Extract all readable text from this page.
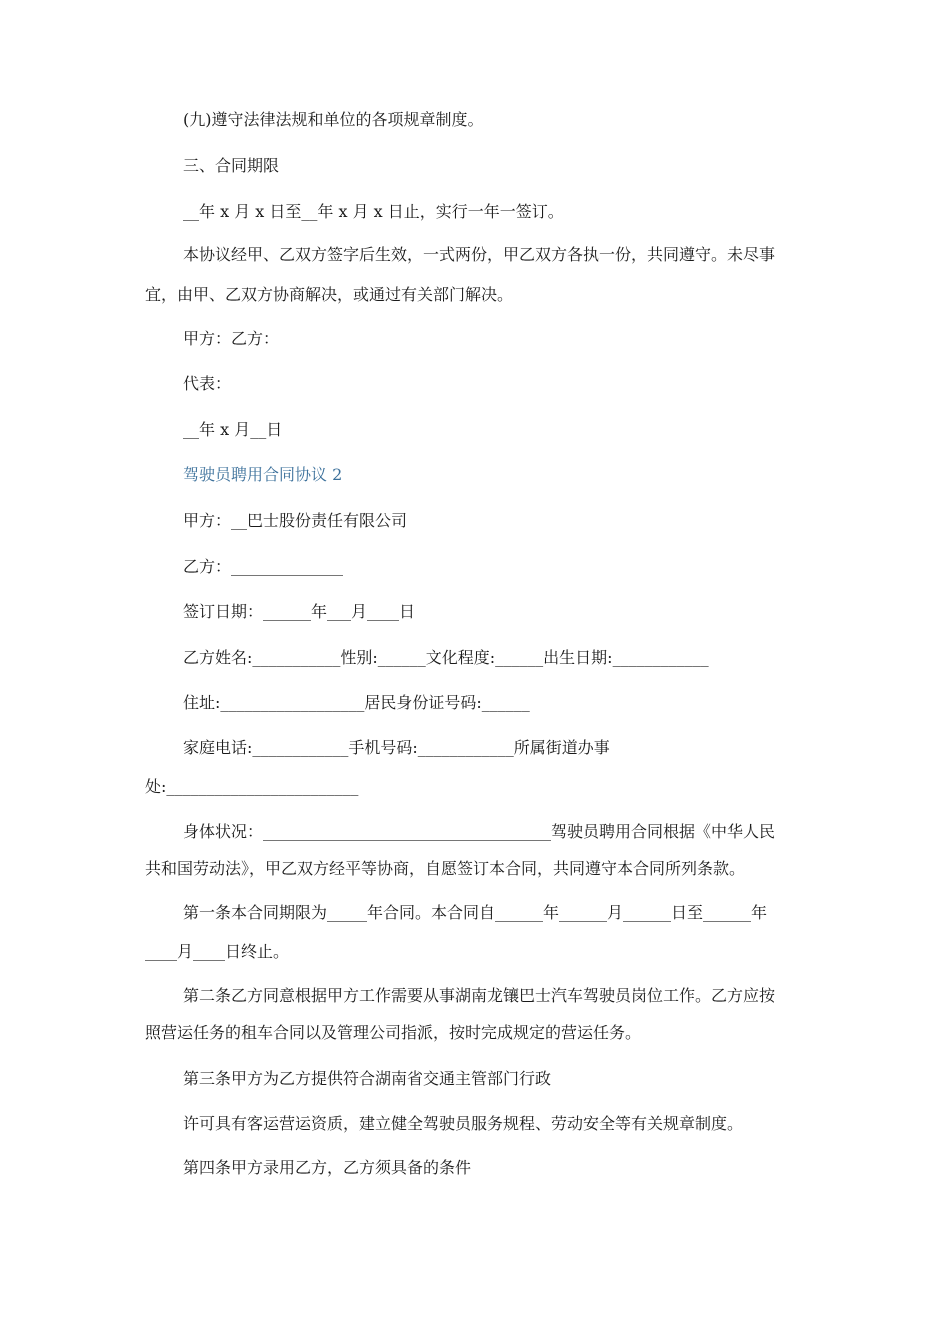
(九)遵守法律法规和单位的各项规章制度。
三、合同期限
__年 x 月 x 日至__年 x 月 x 日止，实行一年一签订。
本协议经甲、乙双方签字后生效，一式两份，甲乙双方各执一份，共同遵守。未尽事
宜，由甲、乙双方协商解决，或通过有关部门解决。
甲方：乙方：
代表：
__年 x 月__日
驾驶员聘用合同协议 2
甲方：__巴士股份责任有限公司
乙方：______________
签订日期：______年___月____日
乙方姓名:___________性别:______文化程度:______出生日期:____________
住址:__________________居民身份证号码:______
家庭电话:____________手机号码:____________所属街道办事
处:________________________
身体状况：____________________________________驾驶员聘用合同根据《中华人民
共和国劳动法》，甲乙双方经平等协商，自愿签订本合同，共同遵守本合同所列条款。
第一条本合同期限为_____年合同。本合同自______年______月______日至______年
____月____日终止。
第二条乙方同意根据甲方工作需要从事湖南龙镶巴士汽车驾驶员岗位工作。乙方应按
照营运任务的租车合同以及管理公司指派，按时完成规定的营运任务。
第三条甲方为乙方提供符合湖南省交通主管部门行政
许可具有客运营运资质，建立健全驾驶员服务规程、劳动安全等有关规章制度。
第四条甲方录用乙方，乙方须具备的条件
